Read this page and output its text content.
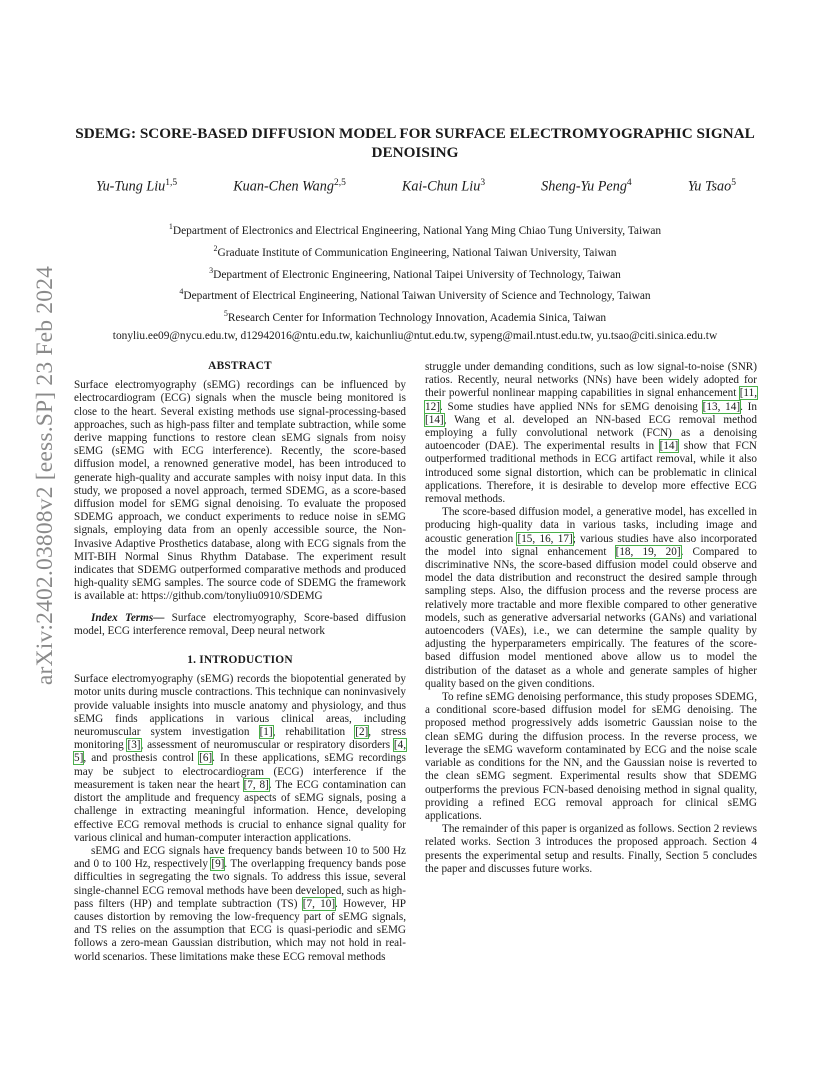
arXiv:2402.03808v2 [eess.SP] 23 Feb 2024
SDEMG: SCORE-BASED DIFFUSION MODEL FOR SURFACE ELECTROMYOGRAPHIC SIGNAL DENOISING
Yu-Tung Liu$^{1,5}$	Kuan-Chen Wang$^{2,5}$	Kai-Chun Liu$^3$	Sheng-Yu Peng$^4$	Yu Tsao$^5$
$^1$Department of Electronics and Electrical Engineering, National Yang Ming Chiao Tung University, Taiwan
$^2$Graduate Institute of Communication Engineering, National Taiwan University, Taiwan
$^3$Department of Electronic Engineering, National Taipei University of Technology, Taiwan
$^4$Department of Electrical Engineering, National Taiwan University of Science and Technology, Taiwan
$^5$Research Center for Information Technology Innovation, Academia Sinica, Taiwan
tonyliu.ee09@nycu.edu.tw, d12942016@ntu.edu.tw, kaichunliu@ntut.edu.tw, sypeng@mail.ntust.edu.tw, yu.tsao@citi.sinica.edu.tw
ABSTRACT

Surface electromyography (sEMG) recordings can be influenced by electrocardiogram (ECG) signals when the muscle being monitored is close to the heart. Several existing methods use signal-processing-based approaches, such as high-pass filter and template subtraction, while some derive mapping functions to restore clean sEMG signals from noisy sEMG (sEMG with ECG interference). Recently, the score-based diffusion model, a renowned generative model, has been introduced to generate high-quality and accurate samples with noisy input data. In this study, we proposed a novel approach, termed SDEMG, as a score-based diffusion model for sEMG signal denoising. To evaluate the proposed SDEMG approach, we conduct experiments to reduce noise in sEMG signals, employing data from an openly accessible source, the Non-Invasive Adaptive Prosthetics database, along with ECG signals from the MIT-BIH Normal Sinus Rhythm Database. The experiment result indicates that SDEMG outperformed comparative methods and produced high-quality sEMG samples. The source code of SDEMG the framework is available at: https://github.com/tonyliu0910/SDEMG

Index Terms— Surface electromyography, Score-based diffusion model, ECG interference removal, Deep neural network

1. INTRODUCTION

Surface electromyography (sEMG) records the biopotential generated by motor units during muscle contractions. This technique can noninvasively provide valuable insights into muscle anatomy and physiology, and thus sEMG finds applications in various clinical areas, including neuromuscular system investigation [1], rehabilitation [2], stress monitoring [3], assessment of neuromuscular or respiratory disorders [4, 5], and prosthesis control [6]. In these applications, sEMG recordings may be subject to electrocardiogram (ECG) interference if the measurement is taken near the heart [7, 8]. The ECG contamination can distort the amplitude and frequency aspects of sEMG signals, posing a challenge in extracting meaningful information. Hence, developing effective ECG removal methods is crucial to enhance signal quality for various clinical and human-computer interaction applications.

sEMG and ECG signals have frequency bands between 10 to 500 Hz and 0 to 100 Hz, respectively [9]. The overlapping frequency bands pose difficulties in segregating the two signals. To address this issue, several single-channel ECG removal methods have been developed, such as high-pass filters (HP) and template subtraction (TS) [7, 10]. However, HP causes distortion by removing the low-frequency part of sEMG signals, and TS relies on the assumption that ECG is quasi-periodic and sEMG follows a zero-mean Gaussian distribution, which may not hold in real-world scenarios. These limitations make these ECG removal methods

struggle under demanding conditions, such as low signal-to-noise (SNR) ratios. Recently, neural networks (NNs) have been widely adopted for their powerful nonlinear mapping capabilities in signal enhancement [11, 12]. Some studies have applied NNs for sEMG denoising [13, 14]. In [14], Wang et al. developed an NN-based ECG removal method employing a fully convolutional network (FCN) as a denoising autoencoder (DAE). The experimental results in [14] show that FCN outperformed traditional methods in ECG artifact removal, while it also introduced some signal distortion, which can be problematic in clinical applications. Therefore, it is desirable to develop more effective ECG removal methods.

The score-based diffusion model, a generative model, has excelled in producing high-quality data in various tasks, including image and acoustic generation [15, 16, 17]; various studies have also incorporated the model into signal enhancement [18, 19, 20]. Compared to discriminative NNs, the score-based diffusion model could observe and model the data distribution and reconstruct the desired sample through sampling steps. Also, the diffusion process and the reverse process are relatively more tractable and more flexible compared to other generative models, such as generative adversarial networks (GANs) and variational autoencoders (VAEs), i.e., we can determine the sample quality by adjusting the hyperparameters empirically. The features of the score-based diffusion model mentioned above allow us to model the distribution of the dataset as a whole and generate samples of higher quality based on the given conditions.

To refine sEMG denoising performance, this study proposes SDEMG, a conditional score-based diffusion model for sEMG denoising. The proposed method progressively adds isometric Gaussian noise to the clean sEMG during the diffusion process. In the reverse process, we leverage the sEMG waveform contaminated by ECG and the noise scale variable as conditions for the NN, and the Gaussian noise is reverted to the clean sEMG segment. Experimental results show that SDEMG outperforms the previous FCN-based denoising method in signal quality, providing a refined ECG removal approach for clinical sEMG applications.

The remainder of this paper is organized as follows. Section 2 reviews related works. Section 3 introduces the proposed approach. Section 4 presents the experimental setup and results. Finally, Section 5 concludes the paper and discusses future works.
